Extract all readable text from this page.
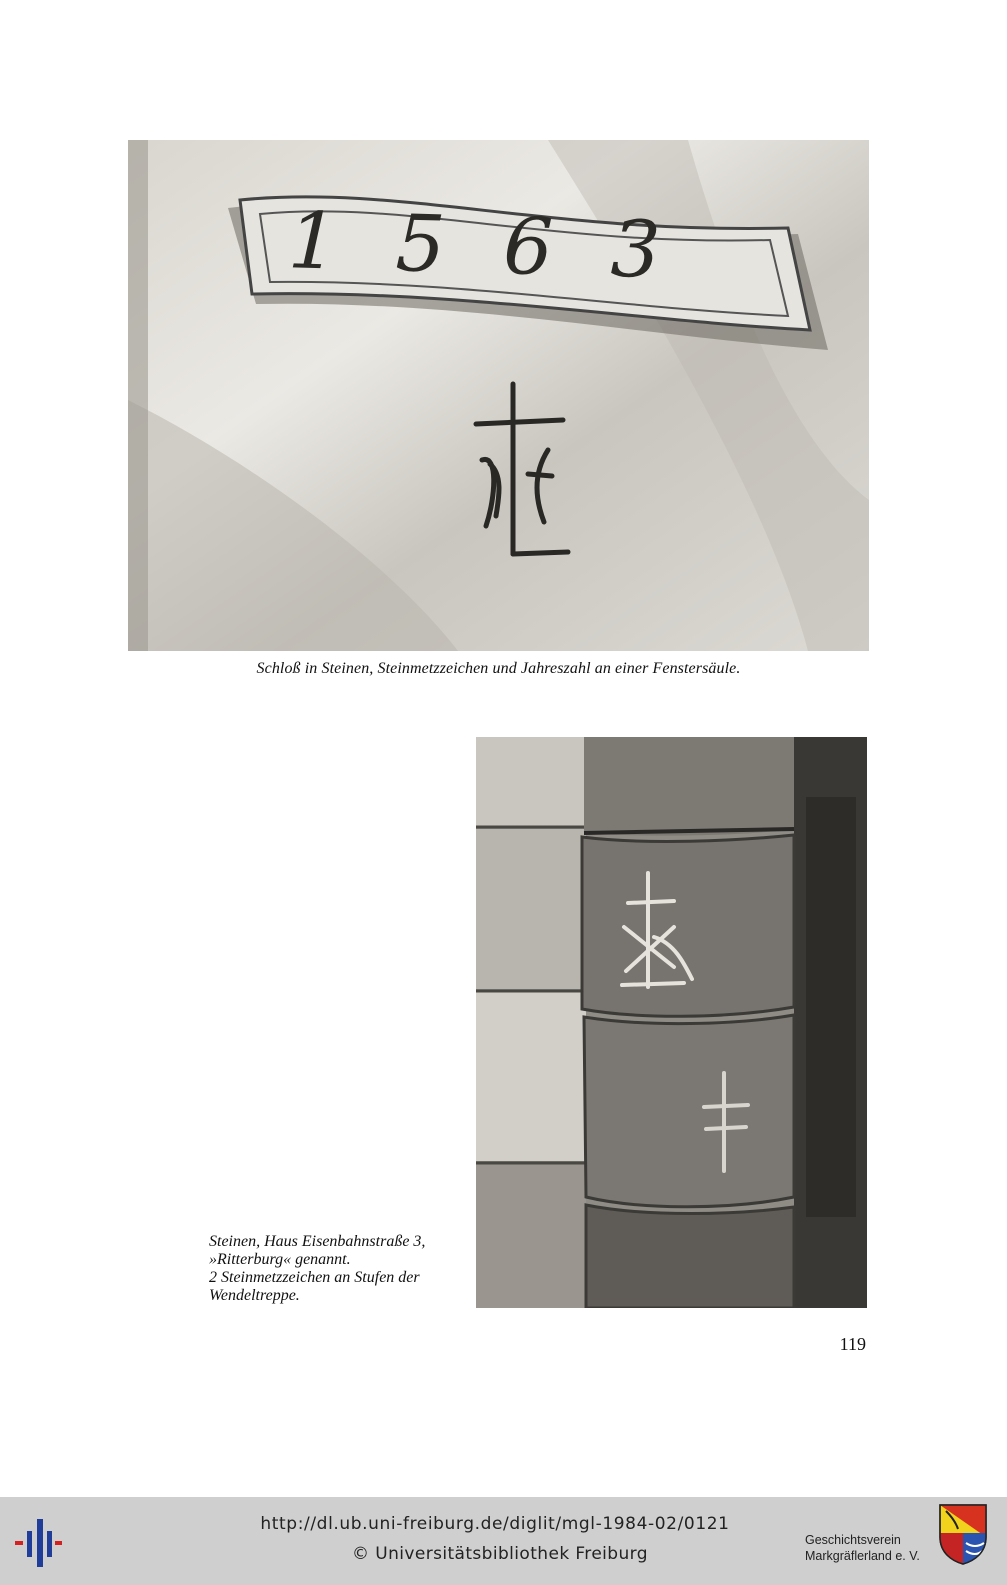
1563
Schloß in Steinen, Steinmetzzeichen und Jahreszahl an einer Fenstersäule.
Steinen, Haus Eisenbahnstraße 3,
»Ritterburg« genannt.
2 Steinmetzzeichen an Stufen der
Wendeltreppe.
119
http://dl.ub.uni-freiburg.de/diglit/mgl-1984-02/0121
© Universitätsbibliothek Freiburg
Geschichtsverein
Markgräflerland e. V.
